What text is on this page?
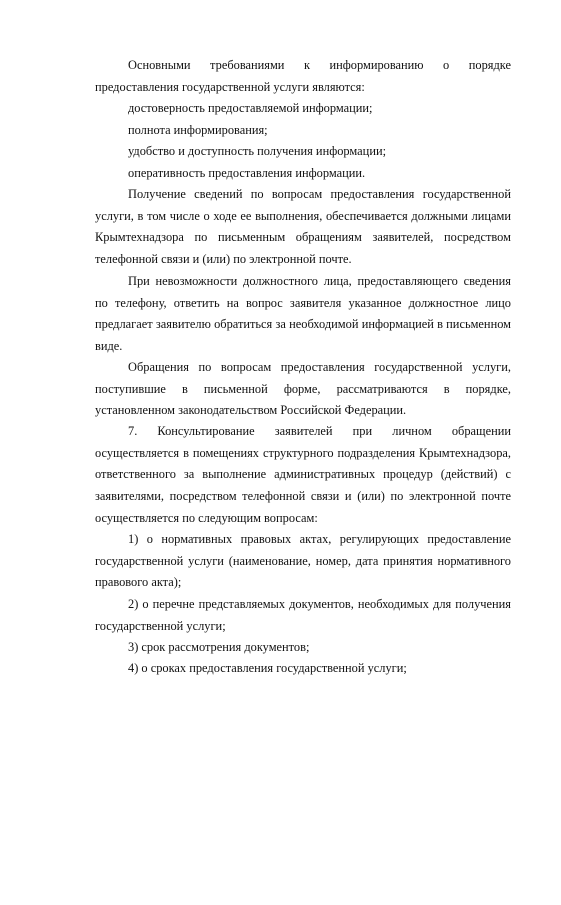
Основными требованиями к информированию о порядке предоставления государственной услуги являются:

достоверность предоставляемой информации;

полнота информирования;

удобство и доступность получения информации;

оперативность предоставления информации.

Получение сведений по вопросам предоставления государственной услуги, в том числе о ходе ее выполнения, обеспечивается должными лицами Крымтехнадзора по письменным обращениям заявителей, посредством телефонной связи и (или) по электронной почте.

При невозможности должностного лица, предоставляющего сведения по телефону, ответить на вопрос заявителя указанное должностное лицо предлагает заявителю обратиться за необходимой информацией в письменном виде.

Обращения по вопросам предоставления государственной услуги, поступившие в письменной форме, рассматриваются в порядке, установленном законодательством Российской Федерации.

7. Консультирование заявителей при личном обращении осуществляется в помещениях структурного подразделения Крымтехнадзора, ответственного за выполнение административных процедур (действий) с заявителями, посредством телефонной связи и (или) по электронной почте осуществляется по следующим вопросам:

1) о нормативных правовых актах, регулирующих предоставление государственной услуги (наименование, номер, дата принятия нормативного правового акта);

2) о перечне представляемых документов, необходимых для получения государственной услуги;

3) срок рассмотрения документов;

4) о сроках предоставления государственной услуги;
